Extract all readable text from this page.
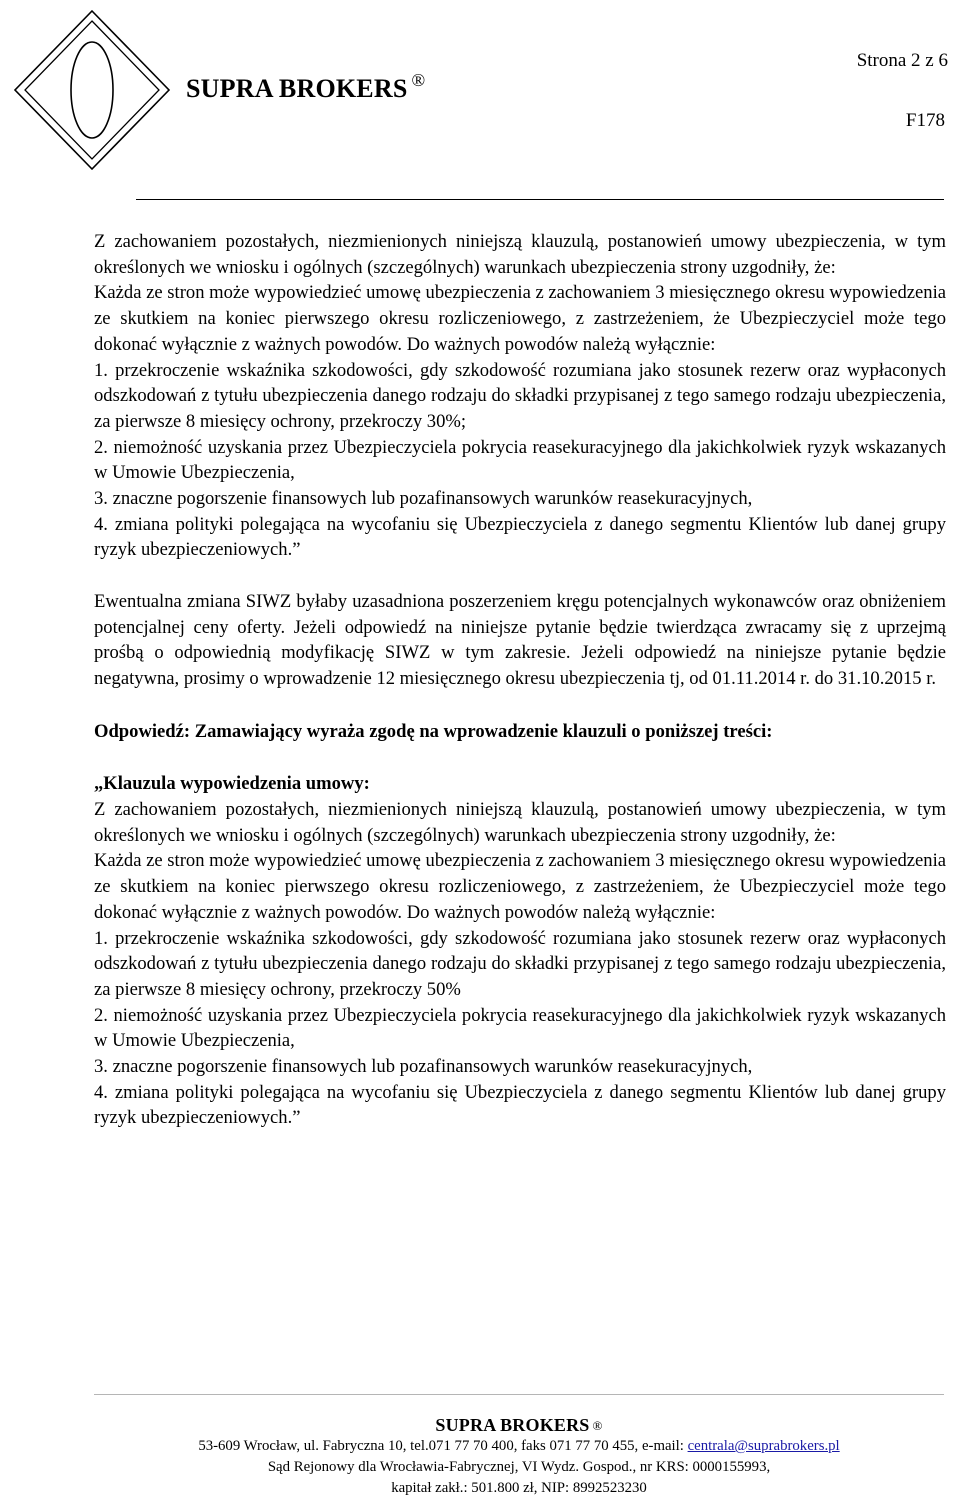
SUPRA BROKERS ®
Strona 2 z 6
F178

Z zachowaniem pozostałych, niezmienionych niniejszą klauzulą, postanowień umowy ubezpieczenia, w tym określonych we wniosku i ogólnych (szczególnych) warunkach ubezpieczenia strony uzgodniły, że:

Każda ze stron może wypowiedzieć umowę ubezpieczenia z zachowaniem 3 miesięcznego okresu wypowiedzenia ze skutkiem na koniec pierwszego okresu rozliczeniowego, z zastrzeżeniem, że Ubezpieczyciel może tego dokonać wyłącznie z ważnych powodów. Do ważnych powodów należą wyłącznie:

1. przekroczenie wskaźnika szkodowości, gdy szkodowość rozumiana jako stosunek rezerw oraz wypłaconych odszkodowań z tytułu ubezpieczenia danego rodzaju do składki przypisanej z tego samego rodzaju ubezpieczenia, za pierwsze 8 miesięcy ochrony, przekroczy 30%;

2. niemożność uzyskania przez Ubezpieczyciela pokrycia reasekuracyjnego dla jakichkolwiek ryzyk wskazanych w Umowie Ubezpieczenia,

3. znaczne pogorszenie finansowych lub pozafinansowych warunków reasekuracyjnych,

4. zmiana polityki polegająca na wycofaniu się Ubezpieczyciela z danego segmentu Klientów lub danej grupy ryzyk ubezpieczeniowych.”

Ewentualna zmiana SIWZ byłaby uzasadniona poszerzeniem kręgu potencjalnych wykonawców oraz obniżeniem potencjalnej ceny oferty. Jeżeli odpowiedź na niniejsze pytanie będzie twierdząca zwracamy się z uprzejmą prośbą o odpowiednią modyfikację SIWZ w tym zakresie. Jeżeli odpowiedź na niniejsze pytanie będzie negatywna, prosimy o wprowadzenie 12 miesięcznego okresu ubezpieczenia tj, od 01.11.2014 r. do 31.10.2015 r.

Odpowiedź: Zamawiający wyraża zgodę na wprowadzenie klauzuli o poniższej treści:

„Klauzula wypowiedzenia umowy:

Z zachowaniem pozostałych, niezmienionych niniejszą klauzulą, postanowień umowy ubezpieczenia, w tym określonych we wniosku i ogólnych (szczególnych) warunkach ubezpieczenia strony uzgodniły, że:

Każda ze stron może wypowiedzieć umowę ubezpieczenia z zachowaniem 3 miesięcznego okresu wypowiedzenia ze skutkiem na koniec pierwszego okresu rozliczeniowego, z zastrzeżeniem, że Ubezpieczyciel może tego dokonać wyłącznie z ważnych powodów. Do ważnych powodów należą wyłącznie:

1. przekroczenie wskaźnika szkodowości, gdy szkodowość rozumiana jako stosunek rezerw oraz wypłaconych odszkodowań z tytułu ubezpieczenia danego rodzaju do składki przypisanej z tego samego rodzaju ubezpieczenia, za pierwsze 8 miesięcy ochrony, przekroczy 50%

2. niemożność uzyskania przez Ubezpieczyciela pokrycia reasekuracyjnego dla jakichkolwiek ryzyk wskazanych w Umowie Ubezpieczenia,

3. znaczne pogorszenie finansowych lub pozafinansowych warunków reasekuracyjnych,

4. zmiana polityki polegająca na wycofaniu się Ubezpieczyciela z danego segmentu Klientów lub danej grupy ryzyk ubezpieczeniowych.”

SUPRA BROKERS ®
53-609 Wrocław, ul. Fabryczna 10, tel.071 77 70 400, faks 071 77 70 455, e-mail: centrala@suprabrokers.pl
Sąd Rejonowy dla Wrocławia-Fabrycznej, VI Wydz. Gospod., nr KRS: 0000155993,
kapitał zakł.: 501.800 zł, NIP: 8992523230
